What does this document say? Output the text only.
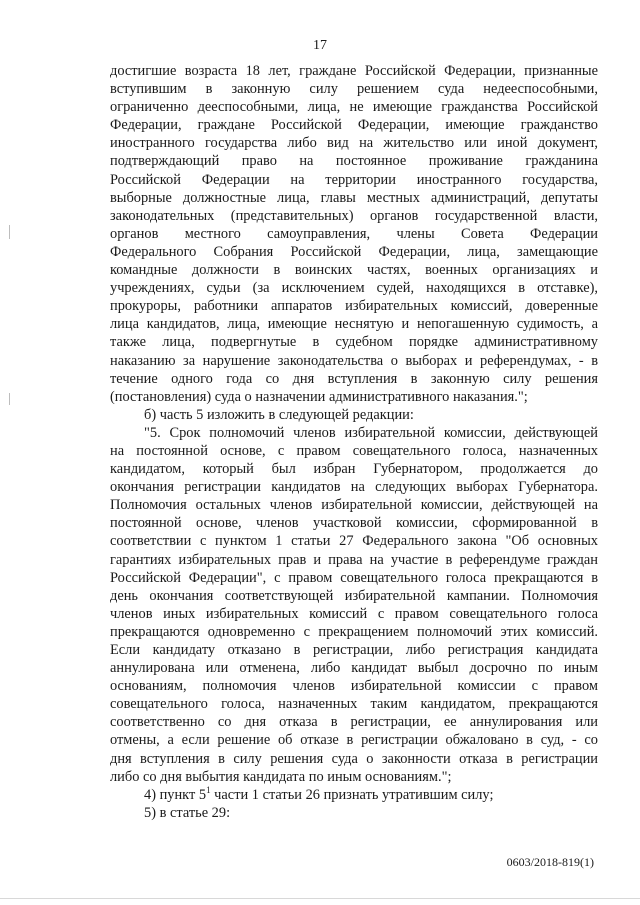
17
достигшие возраста 18 лет, граждане Российской Федерации, признанные
вступившим в законную силу решением суда недееспособными,
ограниченно дееспособными, лица, не имеющие гражданства Российской
Федерации, граждане Российской Федерации, имеющие гражданство
иностранного государства либо вид на жительство или иной документ,
подтверждающий право на постоянное проживание гражданина
Российской Федерации на территории иностранного государства,
выборные должностные лица, главы местных администраций, депутаты
законодательных (представительных) органов государственной власти,
органов местного самоуправления, члены Совета Федерации
Федерального Собрания Российской Федерации, лица, замещающие
командные должности в воинских частях, военных организациях и
учреждениях, судьи (за исключением судей, находящихся в отставке),
прокуроры, работники аппаратов избирательных комиссий, доверенные
лица кандидатов, лица, имеющие неснятую и непогашенную судимость, а
также лица, подвергнутые в судебном порядке административному
наказанию за нарушение законодательства о выборах и референдумах, - в
течение одного года со дня вступления в законную силу решения
(постановления) суда о назначении административного наказания.";
б) часть 5 изложить в следующей редакции:
"5. Срок полномочий членов избирательной комиссии, действующей
на постоянной основе, с правом совещательного голоса, назначенных
кандидатом, который был избран Губернатором, продолжается до
окончания регистрации кандидатов на следующих выборах Губернатора.
Полномочия остальных членов избирательной комиссии, действующей на
постоянной основе, членов участковой комиссии, сформированной в
соответствии с пунктом 1 статьи 27 Федерального закона "Об основных
гарантиях избирательных прав и права на участие в референдуме граждан
Российской Федерации", с правом совещательного голоса прекращаются в
день окончания соответствующей избирательной кампании. Полномочия
членов иных избирательных комиссий с правом совещательного голоса
прекращаются одновременно с прекращением полномочий этих комиссий.
Если кандидату отказано в регистрации, либо регистрация кандидата
аннулирована или отменена, либо кандидат выбыл досрочно по иным
основаниям, полномочия членов избирательной комиссии с правом
совещательного голоса, назначенных таким кандидатом, прекращаются
соответственно со дня отказа в регистрации, ее аннулирования или
отмены, а если решение об отказе в регистрации обжаловано в суд, - со
дня вступления в силу решения суда о законности отказа в регистрации
либо со дня выбытия кандидата по иным основаниям.";
4) пункт $5^1$ части 1 статьи 26 признать утратившим силу;
5) в статье 29:
0603/2018-819(1)
